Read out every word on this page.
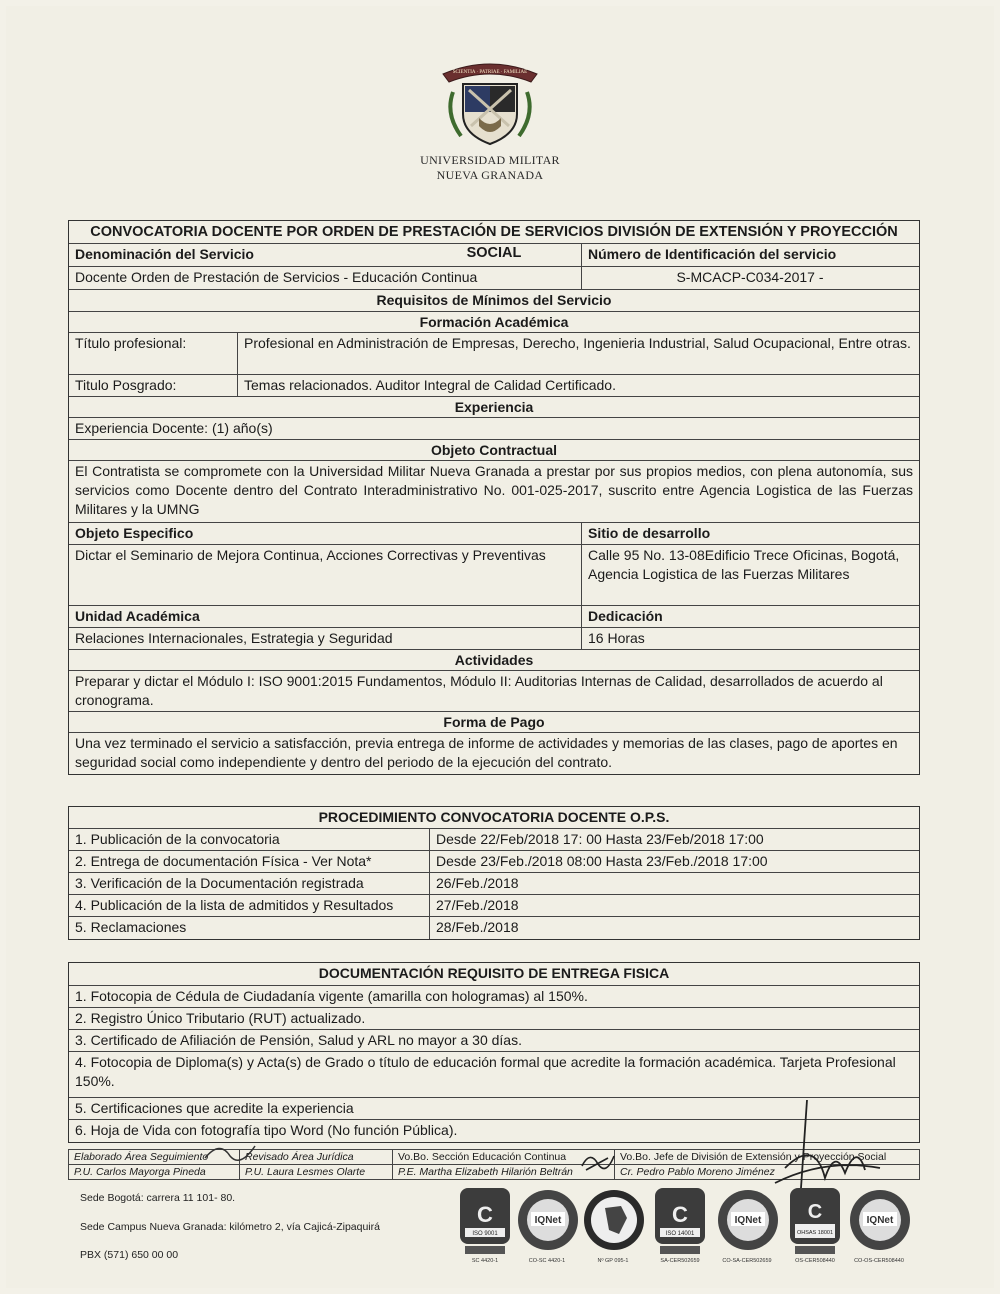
SCIENTIA · PATRIAE · FAMILIAE
UNIVERSIDAD MILITAR
NUEVA GRANADA
CONVOCATORIA DOCENTE POR ORDEN DE PRESTACIÓN DE SERVICIOS DIVISIÓN DE EXTENSIÓN Y PROYECCIÓN SOCIAL
Denominación del Servicio	Número de Identificación del servicio
Docente Orden de Prestación de Servicios - Educación Continua	S-MCACP-C034-2017 -
Requisitos de Mínimos del Servicio
Formación Académica
Título profesional:	Profesional en Administración de Empresas, Derecho, Ingenieria Industrial, Salud Ocupacional, Entre otras.
Titulo Posgrado:	Temas relacionados. Auditor Integral de Calidad Certificado.
Experiencia
Experiencia Docente: (1) año(s)
Objeto Contractual
El Contratista se compromete con la Universidad Militar Nueva Granada a prestar por sus propios medios, con plena autonomía, sus servicios como Docente dentro del Contrato Interadministrativo No. 001-025-2017, suscrito entre Agencia Logistica de las Fuerzas Militares y la UMNG
Objeto Especifico	Sitio de desarrollo
Dictar el Seminario de Mejora Continua, Acciones Correctivas y Preventivas	Calle 95 No. 13-08Edificio Trece Oficinas, Bogotá, Agencia Logistica de las Fuerzas Militares
Unidad Académica	Dedicación
Relaciones Internacionales, Estrategia y Seguridad	16 Horas
Actividades
Preparar y dictar el Módulo I: ISO 9001:2015 Fundamentos, Módulo II: Auditorias Internas de Calidad, desarrollados de acuerdo al cronograma.
Forma de Pago
Una vez terminado el servicio a satisfacción, previa entrega de informe de actividades y memorias de las clases, pago de aportes en seguridad social como independiente y dentro del periodo de la ejecución del contrato.
PROCEDIMIENTO CONVOCATORIA DOCENTE O.P.S.
1. Publicación de la convocatoria	Desde 22/Feb/2018 17: 00 Hasta 23/Feb/2018 17:00
2. Entrega de documentación Física - Ver Nota*	Desde 23/Feb./2018 08:00 Hasta 23/Feb./2018 17:00
3. Verificación de la Documentación registrada	26/Feb./2018
4. Publicación de la lista de admitidos y Resultados	27/Feb./2018
5. Reclamaciones	28/Feb./2018
DOCUMENTACIÓN REQUISITO DE ENTREGA FISICA
1. Fotocopia de Cédula de Ciudadanía vigente (amarilla con hologramas) al 150%.
2. Registro Único Tributario (RUT) actualizado.
3. Certificado de Afiliación de Pensión, Salud y ARL no mayor a 30 días.
4. Fotocopia de Diploma(s) y Acta(s) de Grado o título de educación formal que acredite la formación académica. Tarjeta Profesional 150%.
5. Certificaciones que acredite la experiencia
6. Hoja de Vida con fotografía tipo Word (No función Pública).
Elaborado Área Seguimiento	Revisado Área Jurídica	Vo.Bo. Sección Educación Continua	Vo.Bo. Jefe de División de Extensión y Proyección Social
P.U. Carlos Mayorga Pineda	P.U. Laura Lesmes Olarte	P.E. Martha Elizabeth Hilarión Beltrán	Cr. Pedro Pablo Moreno Jiménez
Sede Bogotá: carrera 11 101- 80.
Sede Campus Nueva Granada: kilómetro 2, vía Cajicá-Zipaquirá
PBX (571) 650 00 00
C
ISO 9001
SC 4420-1
IQNet
CO-SC 4420-1	Nº GP 095-1
C
ISO 14001
SA-CER502659
IQNet
CO-SA-CER502659
C
OHSAS 18001
OS-CER508440
IQNet
CO-OS-CER508440
